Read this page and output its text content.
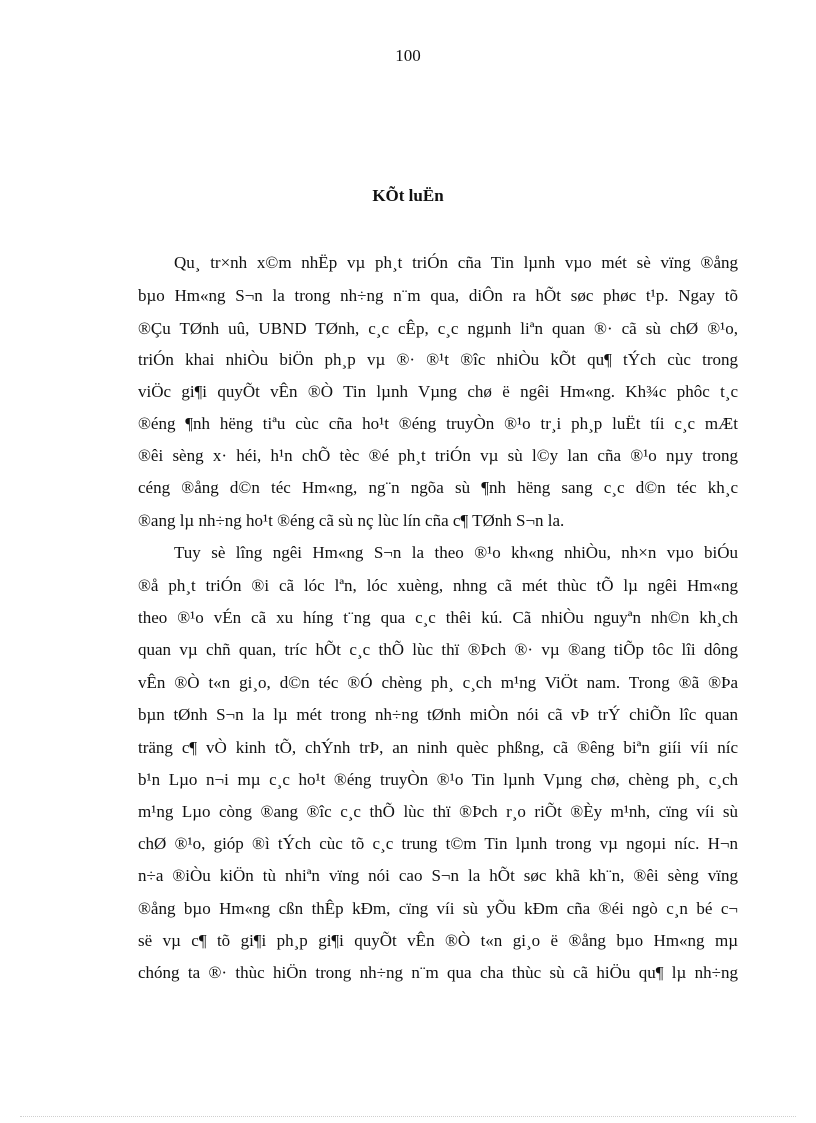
100
KÕt luËn
Qu¸ tr×nh x©m nhËp vµ ph¸t triÓn cña Tin lµnh vµo mét sè vïng ®ång
bµo Hm«ng S¬n la trong nh÷ng n¨m qua, diÔn ra hÕt søc phøc t¹p. Ngay tõ
®Çu TØnh uû, UBND TØnh, c¸c cÊp, c¸c ngµnh liªn quan ®· cã sù chØ ®¹o,
triÓn khai nhiÒu biÖn ph¸p vµ ®· ®¹t ®îc nhiÒu kÕt qu¶ tÝch cùc trong
viÖc gi¶i quyÕt vÊn ®Ò Tin lµnh Vµng chø ë ngêi Hm«ng. Kh¾c phôc t¸c
®éng ¶nh hëng tiªu cùc cña ho¹t ®éng truyÒn ®¹o tr¸i ph¸p luËt tíi c¸c mÆt
®êi sèng x· héi, h¹n chÕ tèc ®é ph¸t triÓn vµ sù l©y lan cña ®¹o nµy trong
céng ®ång d©n téc Hm«ng, ng¨n ngõa sù ¶nh hëng sang c¸c d©n téc kh¸c
®ang lµ nh÷ng ho¹t ®éng cã sù nç lùc lín cña c¶ TØnh S¬n la.
Tuy sè lîng ngêi Hm«ng S¬n la theo ®¹o kh«ng nhiÒu, nh×n vµo biÓu
®å ph¸t triÓn ®i cã lóc lªn, lóc xuèng, nhng cã mét thùc tÕ lµ ngêi Hm«ng
theo ®¹o vÉn cã xu híng t¨ng qua c¸c thêi kú. Cã nhiÒu nguyªn nh©n kh¸ch
quan vµ chñ quan, tríc hÕt c¸c thÕ lùc thï ®Þch ®· vµ ®ang tiÕp tôc lîi dông
vÊn ®Ò t«n gi¸o, d©n téc ®Ó chèng ph¸ c¸ch m¹ng ViÖt nam. Trong ®ã ®Þa
bµn tØnh S¬n la lµ mét trong nh÷ng tØnh miÒn nói cã vÞ trÝ chiÕn lîc quan
träng c¶ vÒ kinh tÕ, chÝnh trÞ, an ninh quèc phßng, cã ®êng biªn giíi víi níc
b¹n Lµo n¬i mµ c¸c ho¹t ®éng truyÒn ®¹o Tin lµnh Vµng chø, chèng ph¸ c¸ch
m¹ng Lµo còng ®ang ®îc c¸c thÕ lùc thï ®Þch r¸o riÕt ®Èy m¹nh, cïng víi sù
chØ ®¹o, gióp ®ì tÝch cùc tõ c¸c trung t©m Tin lµnh trong vµ ngoµi níc. H¬n
n÷a ®iÒu kiÖn tù nhiªn vïng nói cao S¬n la hÕt søc khã kh¨n, ®êi sèng vïng
®ång bµo Hm«ng cßn thÊp kÐm, cïng víi sù yÕu kÐm cña ®éi ngò c¸n bé c¬
së vµ c¶ tõ gi¶i ph¸p gi¶i quyÕt vÊn ®Ò t«n gi¸o ë ®ång bµo Hm«ng mµ
chóng ta ®· thùc hiÖn trong nh÷ng n¨m qua cha thùc sù cã hiÖu qu¶ lµ nh÷ng
